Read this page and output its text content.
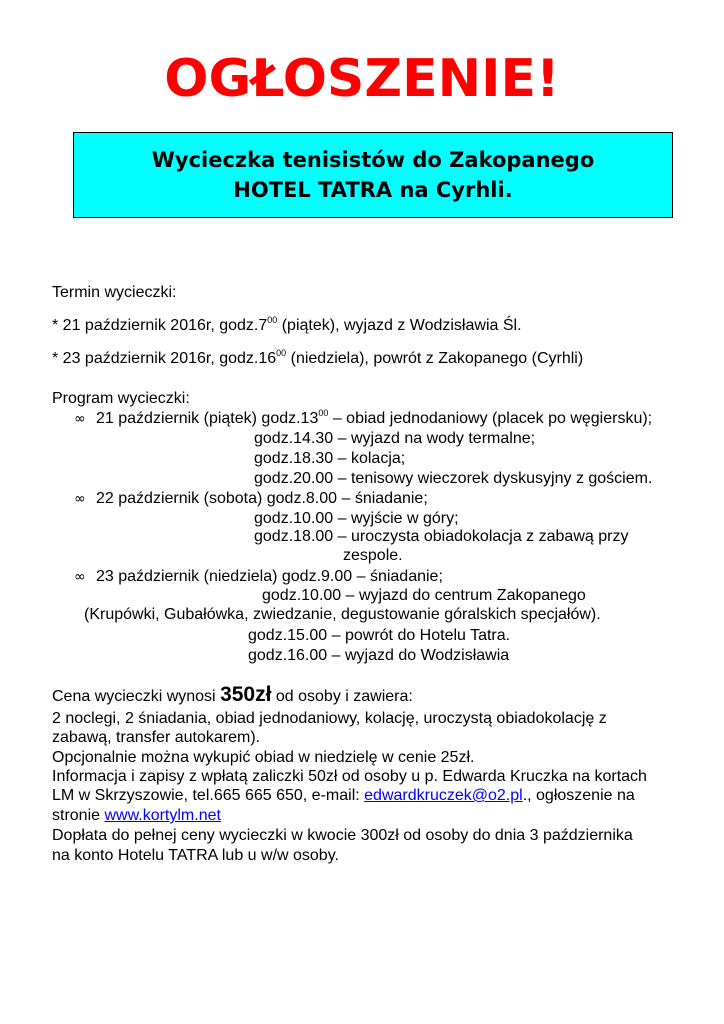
OGŁOSZENIE!
Wycieczka tenisistów do Zakopanego
HOTEL TATRA na Cyrhli.
Termin wycieczki:
* 21 październik 2016r, $godz.7^{00}$ (piątek), wyjazd z Wodzisławia Śl.
* 23 październik 2016r, $godz.16^{00}$ (niedziela), powrót z Zakopanego (Cyrhli)
Program wycieczki:
∞ 21 październik (piątek) $godz.13^{00}$ – obiad jednodaniowy (placek po węgiersku);
godz.14.30 – wyjazd na wody termalne;
godz.18.30 – kolacja;
godz.20.00 – tenisowy wieczorek dyskusyjny z gościem.
∞ 22 październik (sobota) godz.8.00 – śniadanie;
godz.10.00 – wyjście w góry;
godz.18.00 – uroczysta obiadokolacja z zabawą przy
zespole.
∞ 23 październik (niedziela) godz.9.00 – śniadanie;
godz.10.00 – wyjazd do centrum Zakopanego
(Krupówki, Gubałówka, zwiedzanie, degustowanie góralskich specjałów).
godz.15.00 – powrót do Hotelu Tatra.
godz.16.00 – wyjazd do Wodzisławia
Cena wycieczki wynosi 350zł od osoby i zawiera:
2 noclegi, 2 śniadania, obiad jednodaniowy, kolację, uroczystą obiadokolację z
zabawą, transfer autokarem).
Opcjonalnie można wykupić obiad w niedzielę w cenie 25zł.
Informacja i zapisy z wpłatą zaliczki 50zł od osoby u p. Edwarda Kruczka na kortach
LM w Skrzyszowie, tel.665 665 650, e-mail: edwardkruczek@o2.pl., ogłoszenie na
stronie www.kortylm.net
Dopłata do pełnej ceny wycieczki w kwocie 300zł od osoby do dnia 3 października
na konto Hotelu TATRA lub u w/w osoby.
